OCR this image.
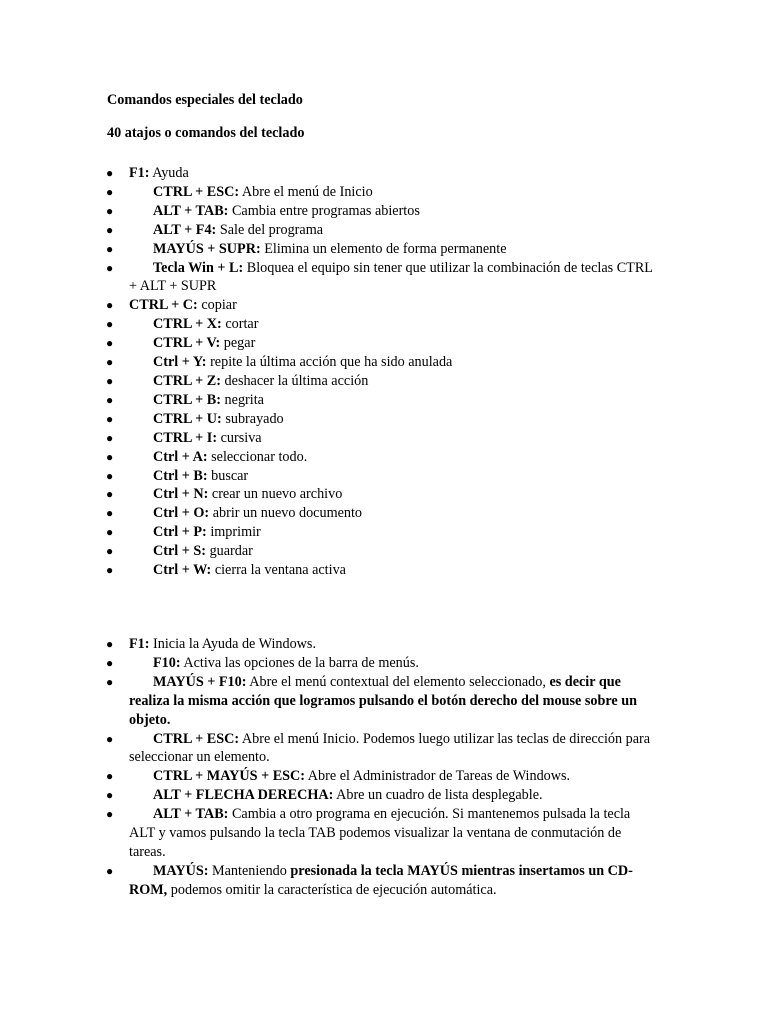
Comandos especiales del teclado
40 atajos o comandos del teclado
● F1: Ayuda
●	CTRL + ESC: Abre el menú de Inicio
●	ALT + TAB: Cambia entre programas abiertos
●	ALT + F4: Sale del programa
●	MAYÚS + SUPR: Elimina un elemento de forma permanente
●	Tecla Win + L: Bloquea el equipo sin tener que utilizar la combinación de teclas CTRL + ALT + SUPR
● CTRL + C: copiar
●	CTRL + X: cortar
●	CTRL + V: pegar
●	Ctrl + Y: repite la última acción que ha sido anulada
●	CTRL + Z: deshacer la última acción
●	CTRL + B: negrita
●	CTRL + U: subrayado
●	CTRL + I: cursiva
●	Ctrl + A: seleccionar todo.
●	Ctrl + B: buscar
●	Ctrl + N: crear un nuevo archivo
●	Ctrl + O: abrir un nuevo documento
●	Ctrl + P: imprimir
●	Ctrl + S: guardar
●	Ctrl + W: cierra la ventana activa
● F1: Inicia la Ayuda de Windows.
●	F10: Activa las opciones de la barra de menús.
●	MAYÚS + F10: Abre el menú contextual del elemento seleccionado, es decir que realiza la misma acción que logramos pulsando el botón derecho del mouse sobre un objeto.
●	CTRL + ESC: Abre el menú Inicio. Podemos luego utilizar las teclas de dirección para seleccionar un elemento.
●	CTRL + MAYÚS + ESC: Abre el Administrador de Tareas de Windows.
●	ALT + FLECHA DERECHA: Abre un cuadro de lista desplegable.
●	ALT + TAB: Cambia a otro programa en ejecución. Si mantenemos pulsada la tecla ALT y vamos pulsando la tecla TAB podemos visualizar la ventana de conmutación de tareas.
●	MAYÚS: Manteniendo presionada la tecla MAYÚS mientras insertamos un CD-ROM, podemos omitir la característica de ejecución automática.
